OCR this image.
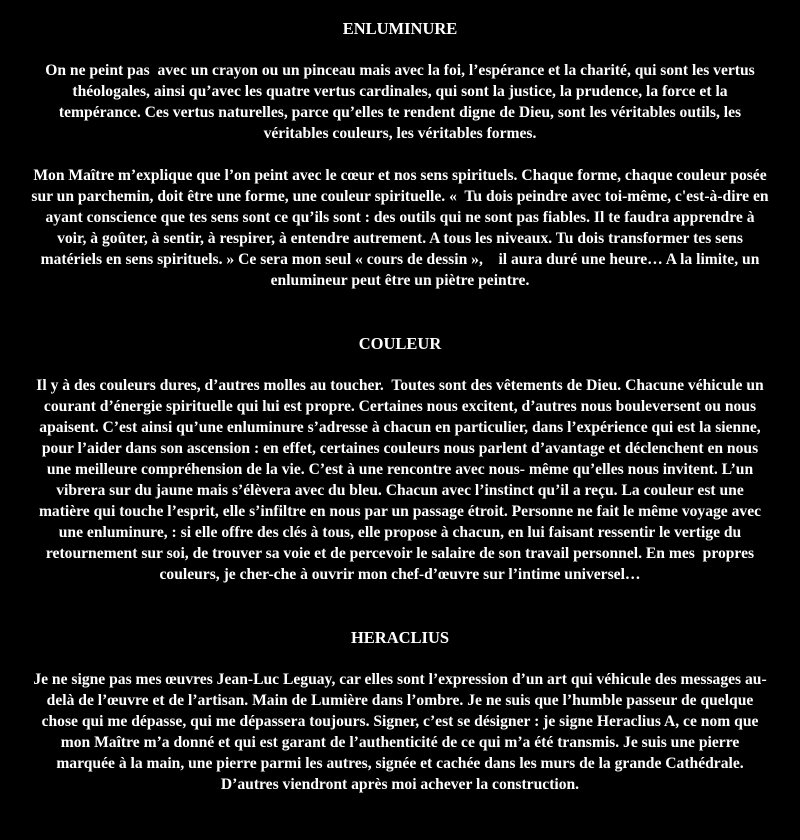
ENLUMINURE

On ne peint pas  avec un crayon ou un pinceau mais avec la foi, l’espérance et la charité, qui sont les vertus théologales, ainsi qu’avec les quatre vertus cardinales, qui sont la justice, la prudence, la force et la tempérance. Ces vertus naturelles, parce qu’elles te rendent digne de Dieu, sont les véritables outils, les véritables couleurs, les véritables formes.

Mon Maître m’explique que l’on peint avec le cœur et nos sens spirituels. Chaque forme, chaque couleur posée sur un parchemin, doit être une forme, une couleur spirituelle. «  Tu dois peindre avec toi-même, c'est-à-dire en ayant conscience que tes sens sont ce qu’ils sont : des outils qui ne sont pas fiables. Il te faudra apprendre à voir, à goûter, à sentir, à respirer, à entendre autrement. A tous les niveaux. Tu dois transformer tes sens matériels en sens spirituels. » Ce sera mon seul « cours de dessin »,    il aura duré une heure… A la limite, un enlumineur peut être un piètre peintre.

COULEUR

Il y à des couleurs dures, d’autres molles au toucher.  Toutes sont des vêtements de Dieu. Chacune véhicule un courant d’énergie spirituelle qui lui est propre. Certaines nous excitent, d’autres nous bouleversent ou nous apaisent. C’est ainsi qu’une enluminure s’adresse à chacun en particulier, dans l’expérience qui est la sienne, pour l’aider dans son ascension : en effet, certaines couleurs nous parlent d’avantage et déclenchent en nous une meilleure compréhension de la vie. C’est à une rencontre avec nous- même qu’elles nous invitent. L’un vibrera sur du jaune mais s’élèvera avec du bleu. Chacun avec l’instinct qu’il a reçu. La couleur est une matière qui touche l’esprit, elle s’infiltre en nous par un passage étroit. Personne ne fait le même voyage avec une enluminure, : si elle offre des clés à tous, elle propose à chacun, en lui faisant ressentir le vertige du retournement sur soi, de trouver sa voie et de percevoir le salaire de son travail personnel. En mes  propres couleurs, je cher-che à ouvrir mon chef-d’œuvre sur l’intime universel…

HERACLIUS

Je ne signe pas mes œuvres Jean-Luc Leguay, car elles sont l’expression d’un art qui véhicule des messages au-delà de l’œuvre et de l’artisan. Main de Lumière dans l’ombre. Je ne suis que l’humble passeur de quelque chose qui me dépasse, qui me dépassera toujours. Signer, c’est se désigner : je signe Heraclius A, ce nom que mon Maître m’a donné et qui est garant de l’authenticité de ce qui m’a été transmis. Je suis une pierre marquée à la main, une pierre parmi les autres, signée et cachée dans les murs de la grande Cathédrale. D’autres viendront après moi achever la construction.
